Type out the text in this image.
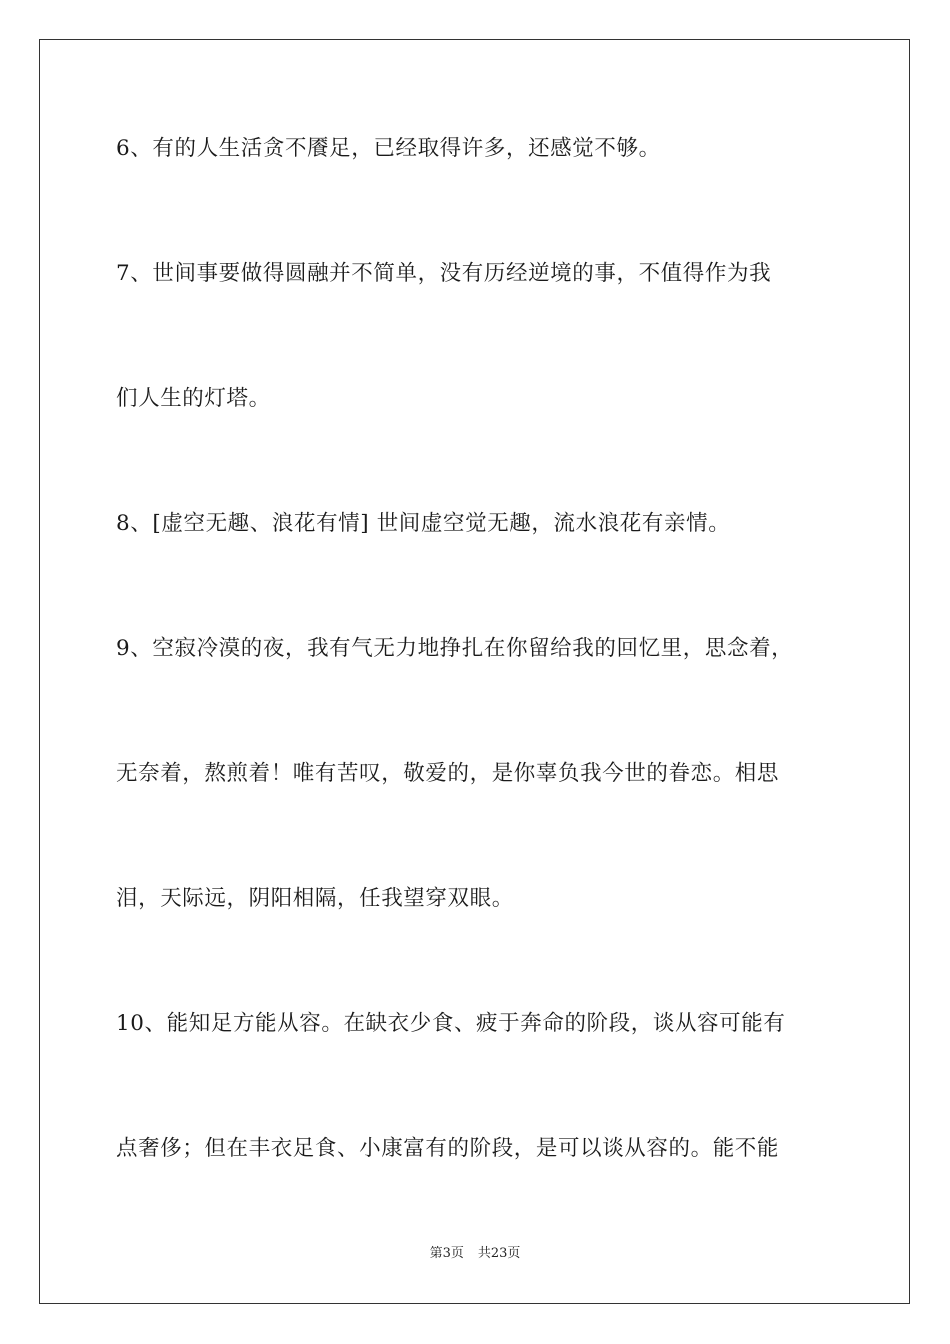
6、有的人生活贪不餍足，已经取得许多，还感觉不够。
7、世间事要做得圆融并不简单，没有历经逆境的事，不值得作为我
们人生的灯塔。
8、[虚空无趣、浪花有情] 世间虚空觉无趣，流水浪花有亲情。
9、空寂冷漠的夜，我有气无力地挣扎在你留给我的回忆里，思念着，
无奈着，熬煎着！唯有苦叹，敬爱的，是你辜负我今世的眷恋。相思
泪，天际远，阴阳相隔，任我望穿双眼。
10、能知足方能从容。在缺衣少食、疲于奔命的阶段，谈从容可能有
点奢侈；但在丰衣足食、小康富有的阶段，是可以谈从容的。能不能
第3页 共23页
